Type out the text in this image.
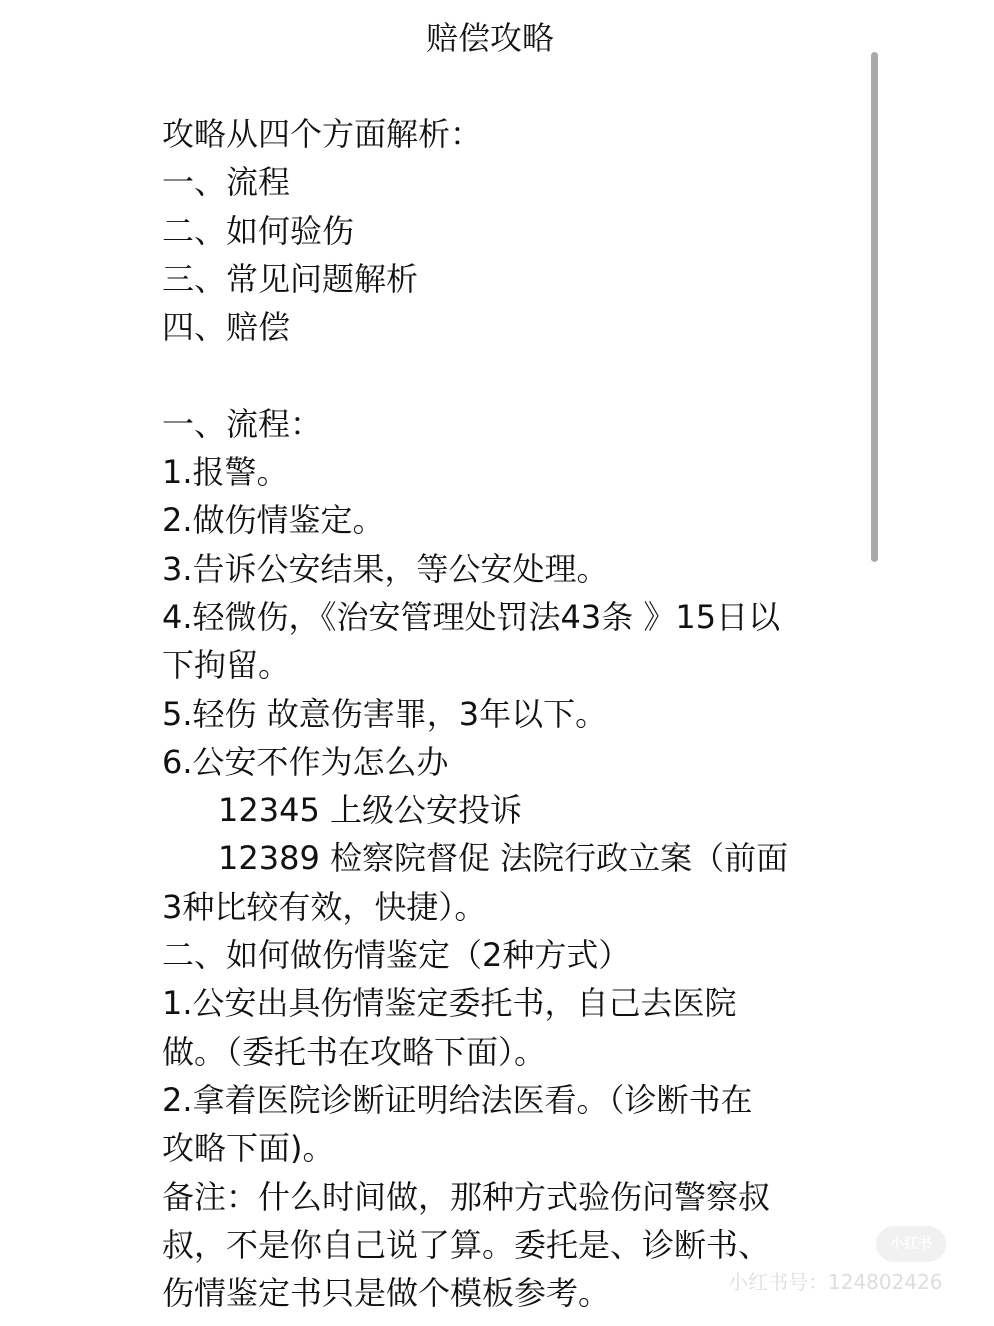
赔偿攻略
攻略从四个方面解析：
一、流程
二、如何验伤
三、常见问题解析
四、赔偿
一、流程：
1.报警。
2.做伤情鉴定。
3.告诉公安结果，等公安处理。
4.轻微伤，《治安管理处罚法43条 》15日以
下拘留。
5.轻伤 故意伤害罪，3年以下。
6.公安不作为怎么办
12345 上级公安投诉
12389 检察院督促 法院行政立案（前面
3种比较有效，快捷）。
二、如何做伤情鉴定（2种方式）
1.公安出具伤情鉴定委托书，自己去医院
做。（委托书在攻略下面）。
2.拿着医院诊断证明给法医看。（诊断书在
攻略下面)。
备注：什么时间做，那种方式验伤问警察叔
叔，不是你自己说了算。委托是、诊断书、
伤情鉴定书只是做个模板参考。
小红书
小红书号：124802426
